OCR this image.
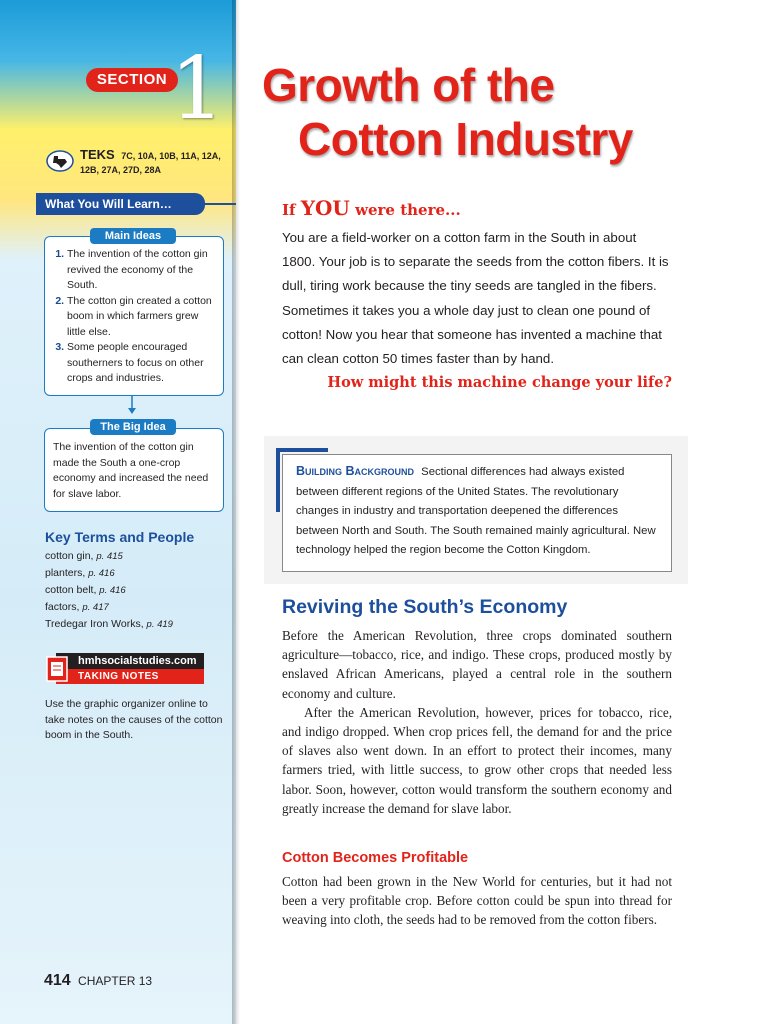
SECTION 1 Growth of the
Cotton Industry
TEKS 7C, 10A, 10B, 11A, 12A, 12B, 27A, 27D, 28A
What You Will Learn…
1. The invention of the cotton gin revived the economy of the South.
2. The cotton gin created a cotton boom in which farmers grew little else.
3. Some people encouraged southerners to focus on other crops and industries.
Main Ideas

The invention of the cotton gin made the South a one-crop economy and increased the need for slave labor.

The Big Idea
Key Terms and People
cotton gin, p. 415
planters, p. 416
cotton belt, p. 416
factors, p. 417
Tredegar Iron Works, p. 419
hmhsocialstudies.com
TAKING NOTES
Use the graphic organizer online to take notes on the causes of the cotton boom in the South.
414 CHAPTER 13
If YOU were there...
You are a field-worker on a cotton farm in the South in about 1800. Your job is to separate the seeds from the cotton fibers. It is dull, tiring work because the tiny seeds are tangled in the fibers. Sometimes it takes you a whole day just to clean one pound of cotton! Now you hear that someone has invented a machine that can clean cotton 50 times faster than by hand.
How might this machine change your life?
Building Background Sectional differences had always existed between different regions of the United States. The revolutionary changes in industry and transportation deepened the differences between North and South. The South remained mainly agricultural. New technology helped the region become the Cotton Kingdom.
Reviving the South’s Economy

Before the American Revolution, three crops dominated southern agriculture—tobacco, rice, and indigo. These crops, produced mostly by enslaved African Americans, played a central role in the southern economy and culture.

After the American Revolution, however, prices for tobacco, rice, and indigo dropped. When crop prices fell, the demand for and the price of slaves also went down. In an effort to protect their incomes, many farmers tried, with little success, to grow other crops that needed less labor. Soon, however, cotton would transform the southern economy and greatly increase the demand for slave labor.

Cotton Becomes Profitable

Cotton had been grown in the New World for centuries, but it had not been a very profitable crop. Before cotton could be spun into thread for weaving into cloth, the seeds had to be removed from the cotton fibers.
